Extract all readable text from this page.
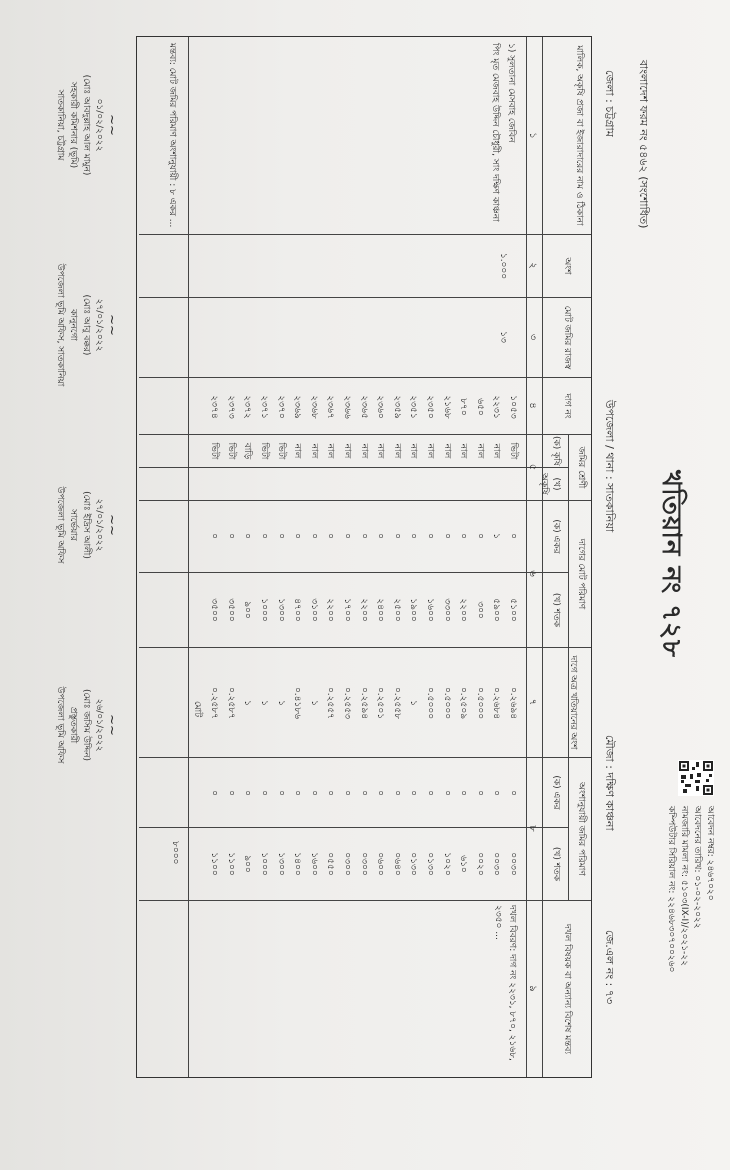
বাংলাদেশ ফরম নং ৫৪৬২ (সংশোধিত)
খতিয়ান নং ৭২৮
জেলা : চট্টগ্রাম
উপজেলা / থানা : সাতকানিয়া
মৌজা : দক্ষিণ কাঞ্চনা
জে.এল নং : ৭৩
আবেদন নম্বর: ২৪৬৭০২০
আবেদনের তারিখ: ০১-০২-২০২২
নামজারি মামলা নং: ৫১০৩(IX-I)/২০২১-২২
কম্পিউটার সিরিয়াল নং: ২২৪৬৮৩০৭০০২৬০
মালিক, অকৃষি প্রজা বা ইজারাদারের নাম ও ঠিকানা
অংশ
মোট জমির রাজস্ব
দাগ নং
জমির শ্রেণী
(ক) কৃষি
(খ) অকৃষি
দাগের মোট পরিমাণ
(ক) একর
(খ) শতক
দাগে অত্র খতিয়ানের অংশ
অংশানুযায়ী জমির পরিমাণ
(ক) একর
(খ) শতক
দখল বিষয়ক বা অন্যান্য বিশেষ মন্তব্য
১
২
৩
৪
৫
৬
৭
৮
৯
১) সুলতানা মেসবাহ জেবিন
পিং মৃত মেজবাহ উদ্দিন চৌধুরী, সাং দক্ষিণ কাঞ্চনা
১.০০০
১৩
১০৫৩
ভিটা
০
৫১০০
০.২৬৯৪
০
০০৩০
২২৩১
নাল
১
৫৯০০
০.২৬৮৪
০
০০৩০
৬৫০
নাল
০
৩০০
০.৫০০০
০
০০২০
৮৭০
নাল
০
২২০০
০.২৫০৯
০
৬১০
২১৬৮
নাল
০
৩৩০০
০.৫০০০
০
১০২০
২৩৫০
নাল
০
১৬০০
০.৫০০০
০
০১৩০
২৩৫১
নাল
০
১৯০০
১
০
০১৩০
২৩৫৯
নাল
০
২৫০০
০.২৫৫৮
০
০৬৪০
২৩৬০
নাল
০
২৪০০
০.২৫০১
০
০৬০০
২৩৬৫
নাল
০
২২০০
০.২৫৯৪
০
০৩০০
২৩৬৬
নাল
০
১৭০০
০.২৫৫৩
০
০৩০০
২৩৬৭
নাল
০
২২০০
০.২৫৫৭
০
০৫৫০
২৩৬৮
নাল
০
৩১০০
১
০
১৬০০
২৩৬৯
নাল
০
৪৭০০
০.৪১৮৬
০
১৪০০
২৩৭০
ভিটা
০
১৩০০
১
০
১৩০০
২৩৭১
ভিটা
০
১০০০
১
০
১০০০
২৩৭২
বাড়ি
০
৯০০
১
০
৯০০
২৩৭৩
ভিটা
০
৩৫০০
০.২৫৮৭
০
১১০০
২৩৭৪
ভিটা
০
৩৫০০
০.২৫৮৭
০
১১০০
মোট
৮০০০
দখল বিবরণ: দাগ নং ২২৩১, ৮৭০, ২১৬৮, ২৩৫০ ...
মন্তব্য: মোট জমির পরিমাণ অংশানুযায়ী : ৮ একর ...
~~
০১/০২/২০২২
(মোঃ আবদুল্লাহ আল মামুন)
সহকারী কমিশনার (ভূমি)
সাতকানিয়া, চট্টগ্রাম
~~
২৭/০১/২০২২
(মোঃ আবু বক্কর)
কানুনগো
উপজেলা ভূমি অফিস, সাতকানিয়া
~~
২৭/০১/২০২২
(মোঃ ইদ্রিস আলী)
সার্ভেয়ার
উপজেলা ভূমি অফিস
~~
২৬/০১/২০২২
(মোঃ জসিম উদ্দিন)
প্রস্তুতকারী
উপজেলা ভূমি অফিস
